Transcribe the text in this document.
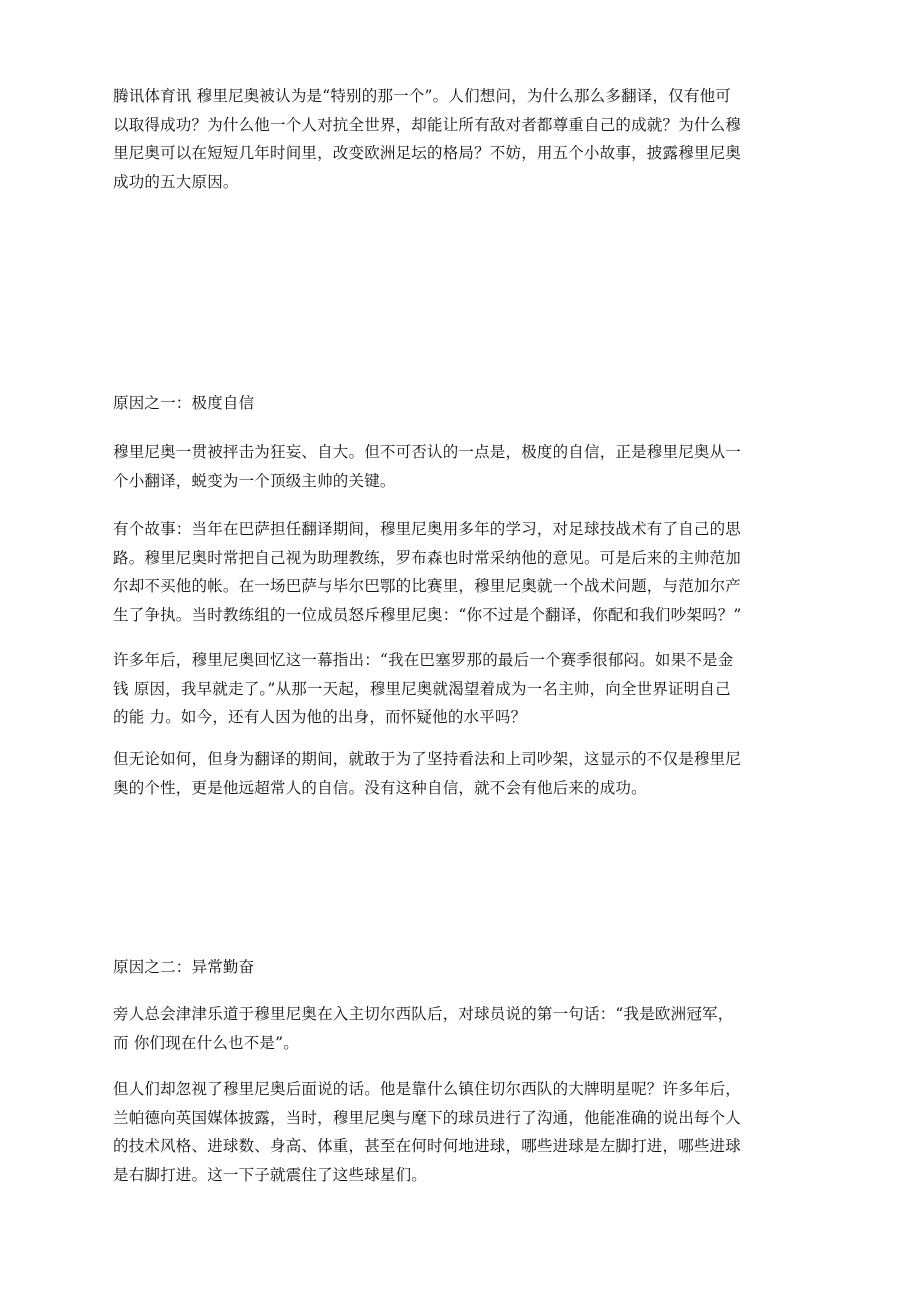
腾讯体育讯 穆里尼奥被认为是“特别的那一个”。人们想问，为什么那么多翻译，仅有他可
以取得成功？为什么他一个人对抗全世界，却能让所有敌对者都尊重自己的成就？为什么穆
里尼奥可以在短短几年时间里，改变欧洲足坛的格局？不妨，用五个小故事，披露穆里尼奥
成功的五大原因。

原因之一：极度自信

穆里尼奥一贯被抨击为狂妄、自大。但不可否认的一点是，极度的自信，正是穆里尼奥从一
个小翻译，蜕变为一个顶级主帅的关键。

有个故事：当年在巴萨担任翻译期间，穆里尼奥用多年的学习，对足球技战术有了自己的思
路。穆里尼奥时常把自己视为助理教练，罗布森也时常采纳他的意见。可是后来的主帅范加
尔却不买他的帐。在一场巴萨与毕尔巴鄂的比赛里，穆里尼奥就一个战术问题，与范加尔产
生了争执。当时教练组的一位成员怒斥穆里尼奥：“你不过是个翻译，你配和我们吵架吗？”

许多年后，穆里尼奥回忆这一幕指出：“我在巴塞罗那的最后一个赛季很郁闷。如果不是金
钱 原因，我早就走了。”从那一天起，穆里尼奥就渴望着成为一名主帅，向全世界证明自己
的能 力。如今，还有人因为他的出身，而怀疑他的水平吗？

但无论如何，但身为翻译的期间，就敢于为了坚持看法和上司吵架，这显示的不仅是穆里尼
奥的个性，更是他远超常人的自信。没有这种自信，就不会有他后来的成功。

原因之二：异常勤奋

旁人总会津津乐道于穆里尼奥在入主切尔西队后，对球员说的第一句话：“我是欧洲冠军，
而 你们现在什么也不是”。

但人们却忽视了穆里尼奥后面说的话。他是靠什么镇住切尔西队的大牌明星呢？许多年后，
兰帕德向英国媒体披露，当时，穆里尼奥与麾下的球员进行了沟通，他能准确的说出每个人
的技术风格、进球数、身高、体重，甚至在何时何地进球，哪些进球是左脚打进，哪些进球
是右脚打进。这一下子就震住了这些球星们。
